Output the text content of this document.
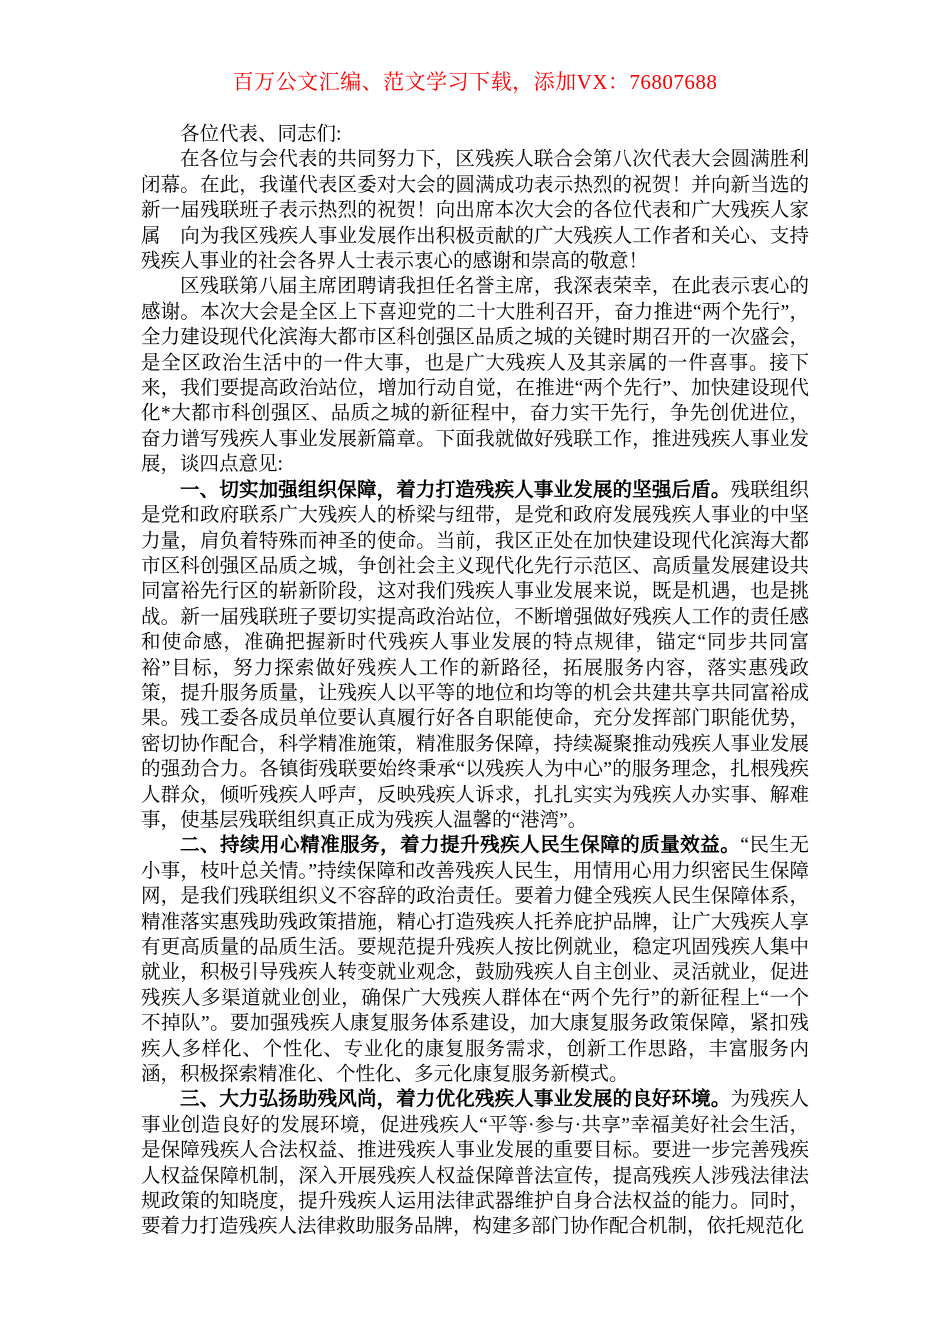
百万公文汇编、范文学习下载，添加VX：76807688

各位代表、同志们:

在各位与会代表的共同努力下，区残疾人联合会第八次代表大会圆满胜利闭幕。在此，我谨代表区委对大会的圆满成功表示热烈的祝贺！并向新当选的新一届残联班子表示热烈的祝贺！向出席本次大会的各位代表和广大残疾人家属　向为我区残疾人事业发展作出积极贡献的广大残疾人工作者和关心、支持残疾人事业的社会各界人士表示衷心的感谢和崇高的敬意！

区残联第八届主席团聘请我担任名誉主席，我深表荣幸，在此表示衷心的感谢。本次大会是全区上下喜迎党的二十大胜利召开，奋力推进“两个先行”，全力建设现代化滨海大都市区科创强区品质之城的关键时期召开的一次盛会，是全区政治生活中的一件大事，也是广大残疾人及其亲属的一件喜事。接下来，我们要提高政治站位，增加行动自觉，在推进“两个先行”、加快建设现代化*大都市科创强区、品质之城的新征程中，奋力实干先行，争先创优进位，奋力谱写残疾人事业发展新篇章。下面我就做好残联工作，推进残疾人事业发展，谈四点意见:

一、切实加强组织保障，着力打造残疾人事业发展的坚强后盾。残联组织是党和政府联系广大残疾人的桥梁与纽带，是党和政府发展残疾人事业的中坚力量，肩负着特殊而神圣的使命。当前，我区正处在加快建设现代化滨海大都市区科创强区品质之城，争创社会主义现代化先行示范区、高质量发展建设共同富裕先行区的崭新阶段，这对我们残疾人事业发展来说，既是机遇，也是挑战。新一届残联班子要切实提高政治站位，不断增强做好残疾人工作的责任感和使命感，准确把握新时代残疾人事业发展的特点规律，锚定“同步共同富裕”目标，努力探索做好残疾人工作的新路径，拓展服务内容，落实惠残政策，提升服务质量，让残疾人以平等的地位和均等的机会共建共享共同富裕成果。残工委各成员单位要认真履行好各自职能使命，充分发挥部门职能优势，密切协作配合，科学精准施策，精准服务保障，持续凝聚推动残疾人事业发展的强劲合力。各镇街残联要始终秉承“以残疾人为中心”的服务理念，扎根残疾人群众，倾听残疾人呼声，反映残疾人诉求，扎扎实实为残疾人办实事、解难事，使基层残联组织真正成为残疾人温馨的“港湾”。

二、持续用心精准服务，着力提升残疾人民生保障的质量效益。“民生无小事，枝叶总关情。”持续保障和改善残疾人民生，用情用心用力织密民生保障网，是我们残联组织义不容辞的政治责任。要着力健全残疾人民生保障体系，精准落实惠残助残政策措施，精心打造残疾人托养庇护品牌，让广大残疾人享有更高质量的品质生活。要规范提升残疾人按比例就业，稳定巩固残疾人集中就业，积极引导残疾人转变就业观念，鼓励残疾人自主创业、灵活就业，促进残疾人多渠道就业创业，确保广大残疾人群体在“两个先行”的新征程上“一个不掉队”。要加强残疾人康复服务体系建设，加大康复服务政策保障，紧扣残疾人多样化、个性化、专业化的康复服务需求，创新工作思路，丰富服务内涵，积极探索精准化、个性化、多元化康复服务新模式。

三、大力弘扬助残风尚，着力优化残疾人事业发展的良好环境。为残疾人事业创造良好的发展环境，促进残疾人“平等·参与·共享”幸福美好社会生活，是保障残疾人合法权益、推进残疾人事业发展的重要目标。要进一步完善残疾人权益保障机制，深入开展残疾人权益保障普法宣传，提高残疾人涉残法律法规政策的知晓度，提升残疾人运用法律武器维护自身合法权益的能力。同时，要着力打造残疾人法律救助服务品牌，构建多部门协作配合机制，依托规范化
